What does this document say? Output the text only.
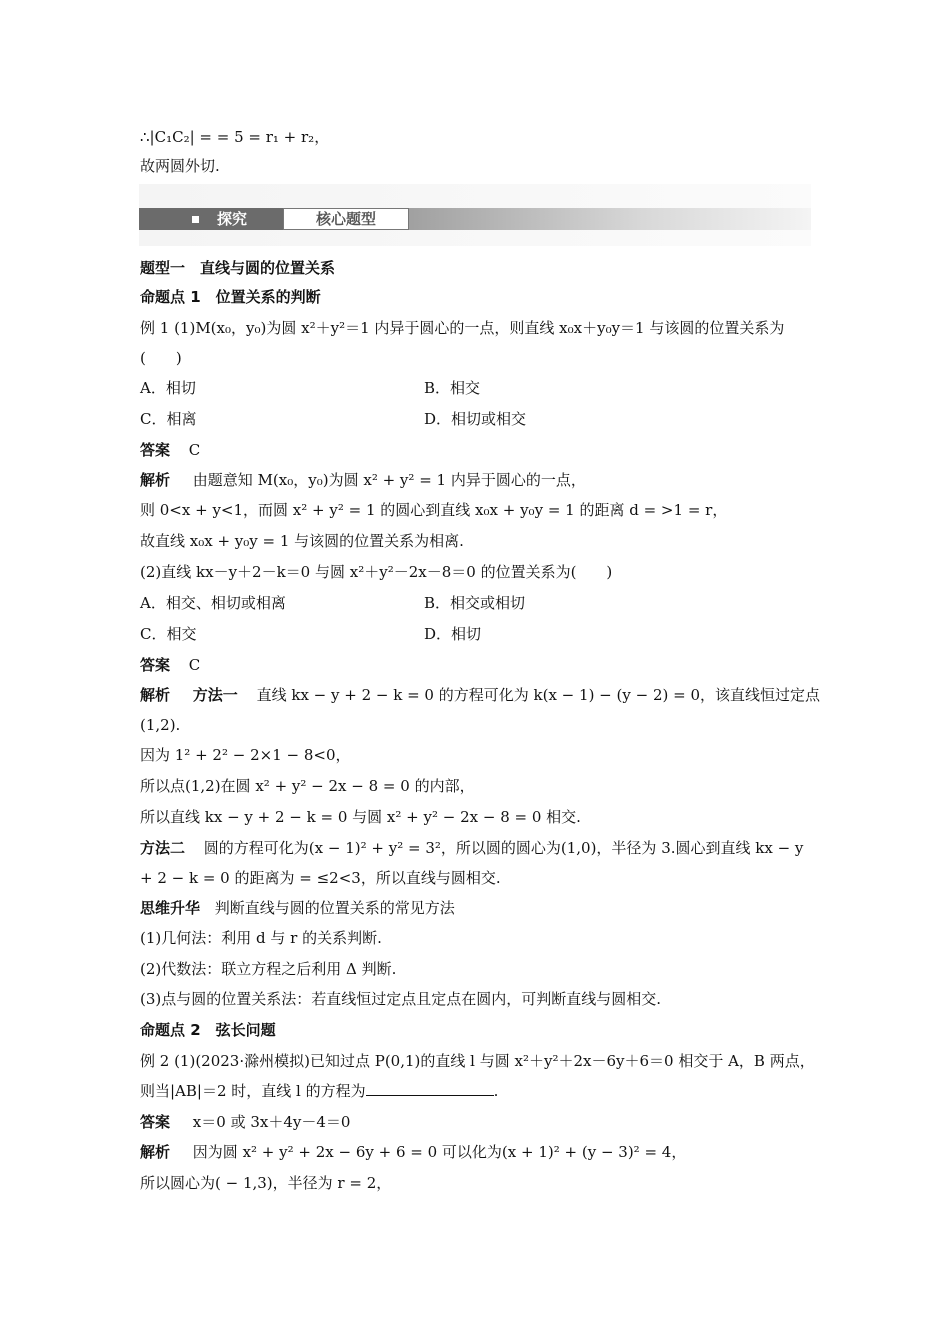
∴|C₁C₂| = = 5 = r₁ + r₂，
故两圆外切.
探究	核心题型
题型一　直线与圆的位置关系
命题点 1　位置关系的判断
例 1 (1)M(x₀，y₀)为圆 x²＋y²＝1 内异于圆心的一点，则直线 x₀x＋y₀y＝1 与该圆的位置关系为
(　　)
A．相切	B．相交
C．相离	D．相切或相交
答案 C
解析 由题意知 M(x₀，y₀)为圆 x² + y² = 1 内异于圆心的一点，
则 0<x + y<1，而圆 x² + y² = 1 的圆心到直线 x₀x + y₀y = 1 的距离 d = >1 = r，
故直线 x₀x + y₀y = 1 与该圆的位置关系为相离.
(2)直线 kx－y＋2－k＝0 与圆 x²＋y²－2x－8＝0 的位置关系为(　　)
A．相交、相切或相离	B．相交或相切
C．相交	D．相切
答案 C
解析 方法一 直线 kx − y + 2 − k = 0 的方程可化为 k(x − 1) − (y − 2) = 0，该直线恒过定点
(1,2).
因为 1² + 2² − 2×1 − 8<0，
所以点(1,2)在圆 x² + y² − 2x − 8 = 0 的内部，
所以直线 kx − y + 2 − k = 0 与圆 x² + y² − 2x − 8 = 0 相交.
方法二 圆的方程可化为(x − 1)² + y² = 3²，所以圆的圆心为(1,0)，半径为 3.圆心到直线 kx − y
+ 2 − k = 0 的距离为 = ≤2<3，所以直线与圆相交.
思维升华 判断直线与圆的位置关系的常见方法
(1)几何法：利用 d 与 r 的关系判断.
(2)代数法：联立方程之后利用 Δ 判断.
(3)点与圆的位置关系法：若直线恒过定点且定点在圆内，可判断直线与圆相交.
命题点 2　弦长问题
例 2 (1)(2023·滁州模拟)已知过点 P(0,1)的直线 l 与圆 x²＋y²＋2x－6y＋6＝0 相交于 A，B 两点，
则当|AB|＝2 时，直线 l 的方程为	.
答案 x＝0 或 3x＋4y－4＝0
解析 因为圆 x² + y² + 2x − 6y + 6 = 0 可以化为(x + 1)² + (y − 3)² = 4，
所以圆心为( − 1,3)，半径为 r = 2，
